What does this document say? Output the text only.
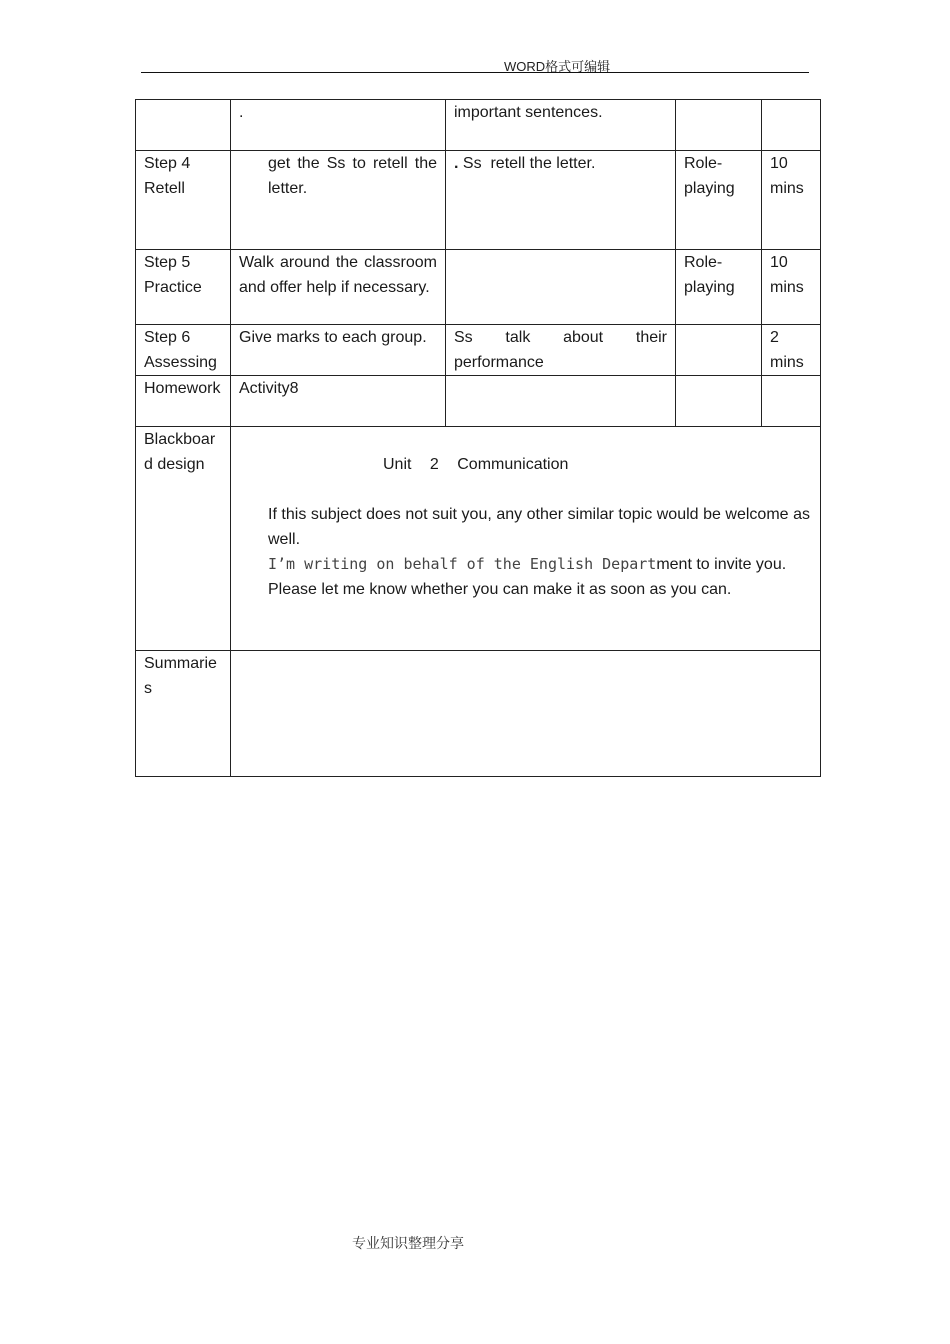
WORD格式可编辑
	.	important sentences.		
Step 4 Retell	get the Ss to retell the letter.	. Ss  retell the letter.	Role-playing	10 mins
Step 5 Practice	Walk around the classroom and offer help if necessary.		Role-playing	10 mins
Step 6 Assessing	Give marks to each group.	Ss talk about their performance		2 mins
Homework	Activity8			
Blackboard design	Unit 2 Communication

If this subject does not suit you, any other similar topic would be welcome as well.

I’m writing on behalf of the English Department to invite you.

Please let me know whether you can make it as soon as you can.			

Summaries				
专业知识整理分享
